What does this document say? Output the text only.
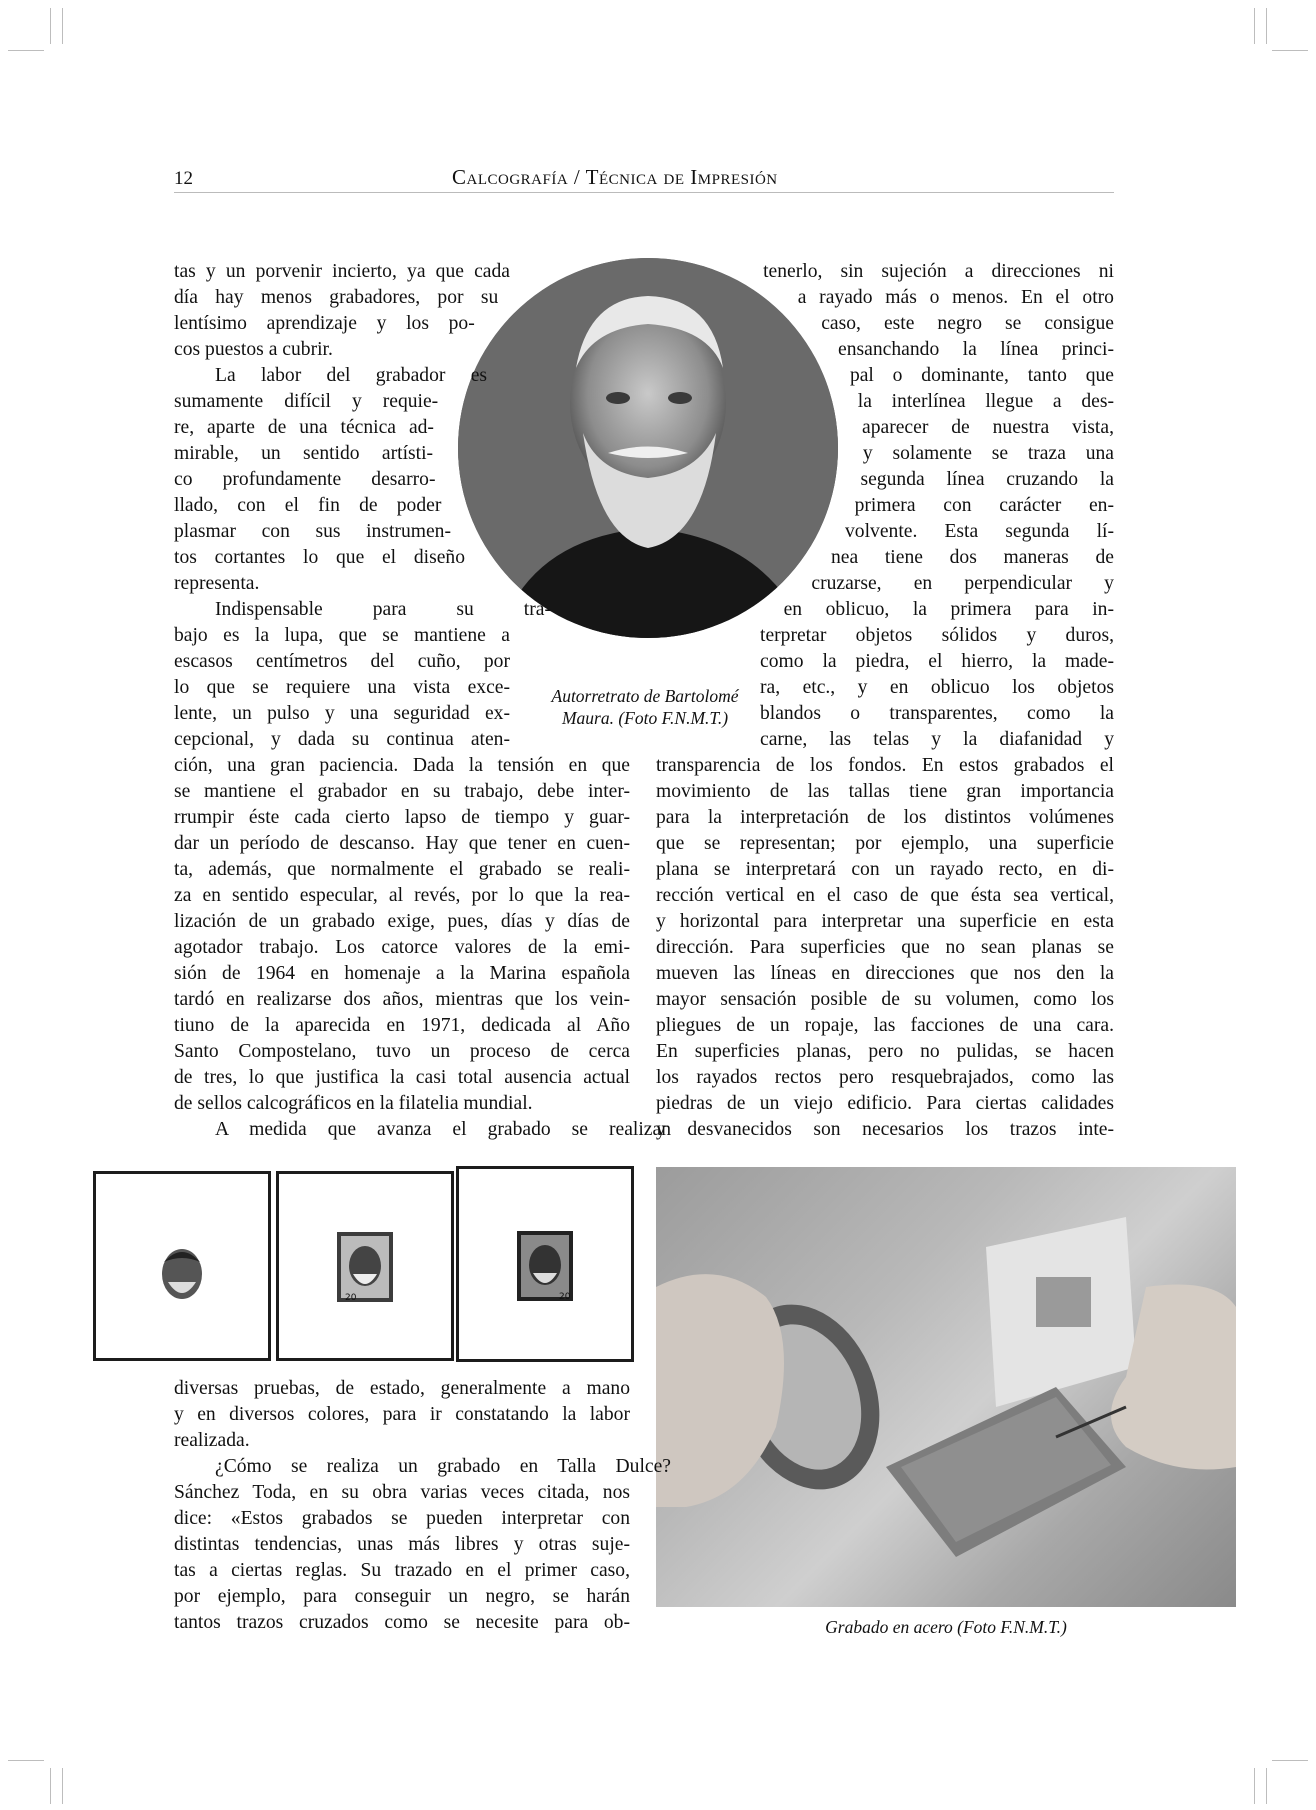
12	Calcografía / Técnica de Impresión
Autorretrato de Bartolomé
Maura. (Foto F.N.M.T.)
tas y un porvenir incierto, ya que cada
día hay menos grabadores, por su
lentísimo aprendizaje y los po-
cos puestos a cubrir.
La labor del grabador es
sumamente difícil y requie-
re, aparte de una técnica ad-
mirable, un sentido artísti-
co profundamente desarro-
llado, con el fin de poder
plasmar con sus instrumen-
tos cortantes lo que el diseño
representa.
Indispensable para su tra-
bajo es la lupa, que se mantiene a
escasos centímetros del cuño, por
lo que se requiere una vista exce-
lente, un pulso y una seguridad ex-
cepcional, y dada su continua aten-
ción, una gran paciencia. Dada la tensión en que
se mantiene el grabador en su trabajo, debe inter-
rrumpir éste cada cierto lapso de tiempo y guar-
dar un período de descanso. Hay que tener en cuen-
ta, además, que normalmente el grabado se reali-
za en sentido especular, al revés, por lo que la rea-
lización de un grabado exige, pues, días y días de
agotador trabajo. Los catorce valores de la emi-
sión de 1964 en homenaje a la Marina española
tardó en realizarse dos años, mientras que los vein-
tiuno de la aparecida en 1971, dedicada al Año
Santo Compostelano, tuvo un proceso de cerca
de tres, lo que justifica la casi total ausencia actual
de sellos calcográficos en la filatelia mundial.
A medida que avanza el grabado se realizan
tenerlo, sin sujeción a direcciones ni
a rayado más o menos. En el otro
caso, este negro se consigue
ensanchando la línea princi-
pal o dominante, tanto que
la interlínea llegue a des-
aparecer de nuestra vista,
y solamente se traza una
segunda línea cruzando la
primera con carácter en-
volvente. Esta segunda lí-
nea tiene dos maneras de
cruzarse, en perpendicular y
en oblicuo, la primera para in-
terpretar objetos sólidos y duros,
como la piedra, el hierro, la made-
ra, etc., y en oblicuo los objetos
blandos o transparentes, como la
carne, las telas y la diafanidad y
transparencia de los fondos. En estos grabados el
movimiento de las tallas tiene gran importancia
para la interpretación de los distintos volúmenes
que se representan; por ejemplo, una superficie
plana se interpretará con un rayado recto, en di-
rección vertical en el caso de que ésta sea vertical,
y horizontal para interpretar una superficie en esta
dirección. Para superficies que no sean planas se
mueven las líneas en direcciones que nos den la
mayor sensación posible de su volumen, como los
pliegues de un ropaje, las facciones de una cara.
En superficies planas, pero no pulidas, se hacen
los rayados rectos pero resquebrajados, como las
piedras de un viejo edificio. Para ciertas calidades
y desvanecidos son necesarios los trazos inte-
20	20
Grabado en acero (Foto F.N.M.T.)
diversas pruebas, de estado, generalmente a mano
y en diversos colores, para ir constatando la labor
realizada.
¿Cómo se realiza un grabado en Talla Dulce?
Sánchez Toda, en su obra varias veces citada, nos
dice: «Estos grabados se pueden interpretar con
distintas tendencias, unas más libres y otras suje-
tas a ciertas reglas. Su trazado en el primer caso,
por ejemplo, para conseguir un negro, se harán
tantos trazos cruzados como se necesite para ob-
